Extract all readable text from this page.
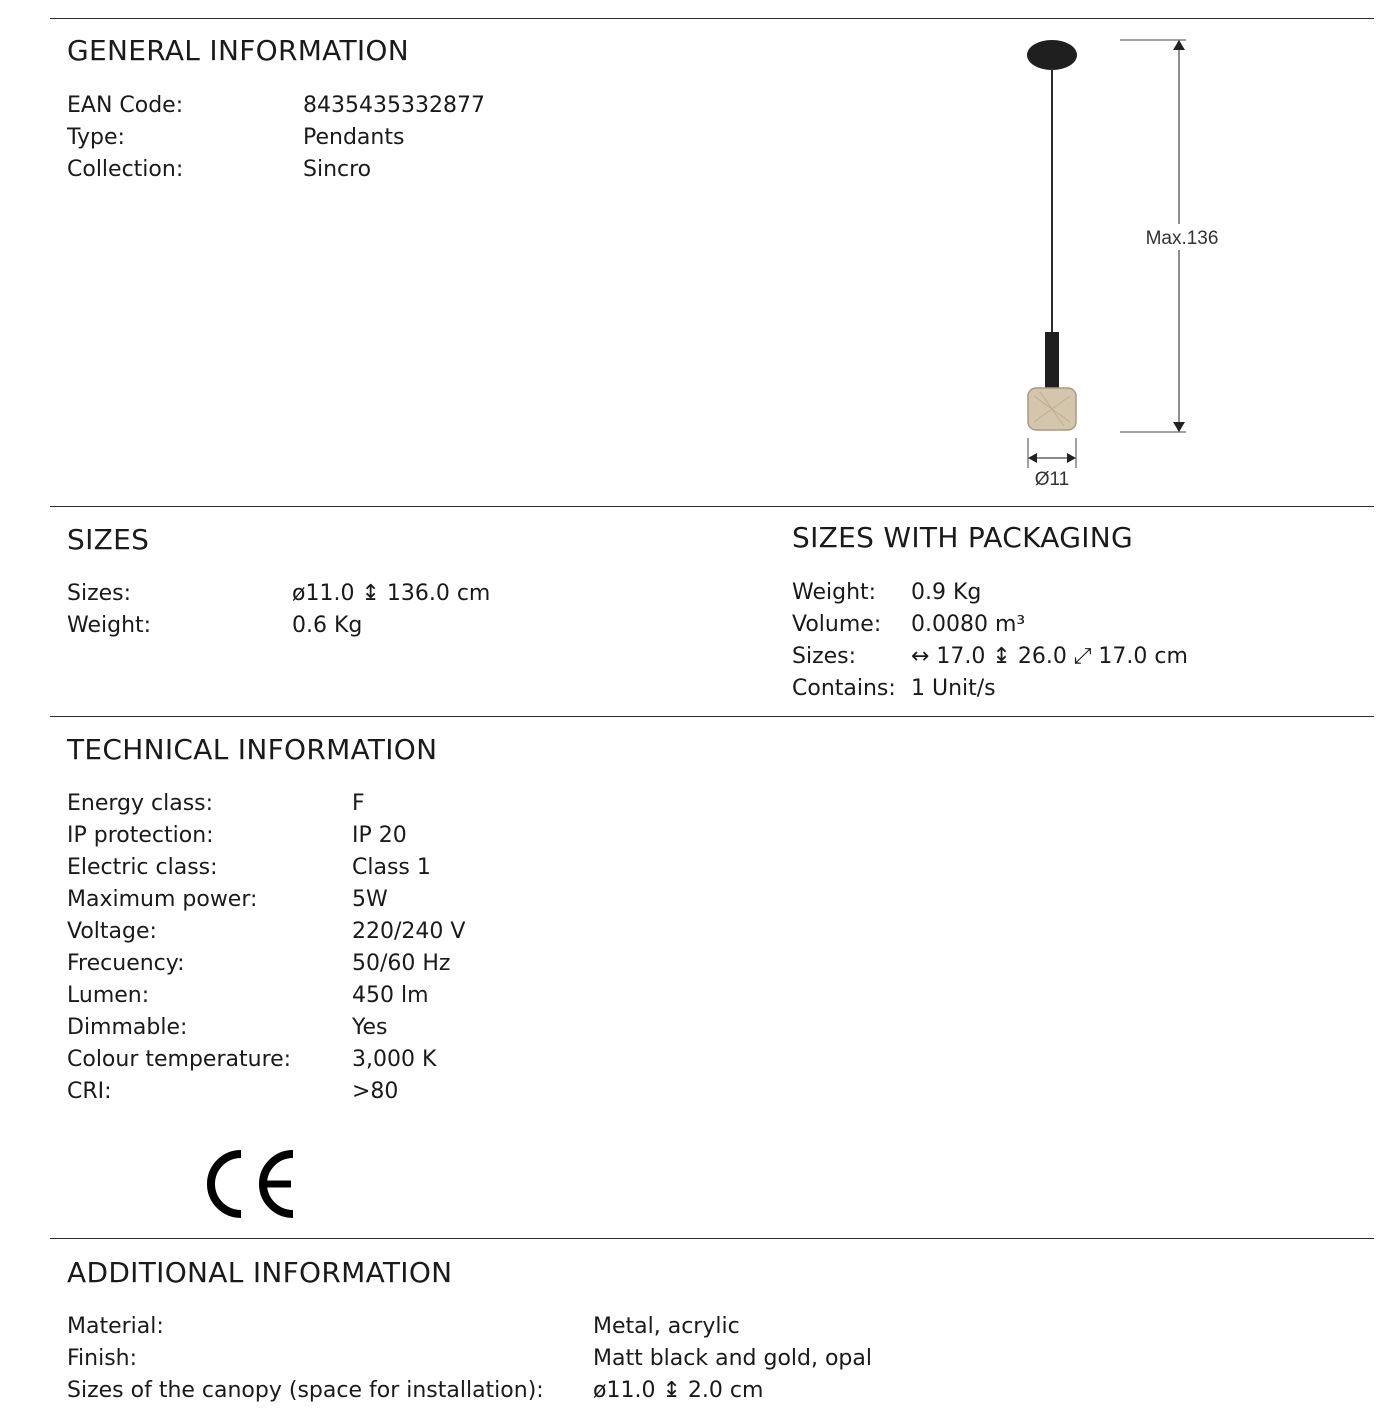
GENERAL INFORMATION
EAN Code:	8435435332877
Type:	Pendants
Collection:	Sincro
Max.136
Ø11
SIZES
Sizes:	ø11.0 ↨ 136.0 cm
Weight:	0.6 Kg
SIZES WITH PACKAGING
Weight: 0.9 Kg
Volume: 0.0080 m³
Sizes: ↔ 17.0 ↨ 26.0 ⤢ 17.0 cm
Contains: 1 Unit/s
TECHNICAL INFORMATION
Energy class:	F
IP protection:	IP 20
Electric class:	Class 1
Maximum power:	5W
Voltage:	220/240 V
Frecuency:	50/60 Hz
Lumen:	450 lm
Dimmable:	Yes
Colour temperature:	3,000 K
CRI:	>80
ADDITIONAL INFORMATION
Material:	Metal, acrylic
Finish:	Matt black and gold, opal
Sizes of the canopy (space for installation): ø11.0 ↨ 2.0 cm
